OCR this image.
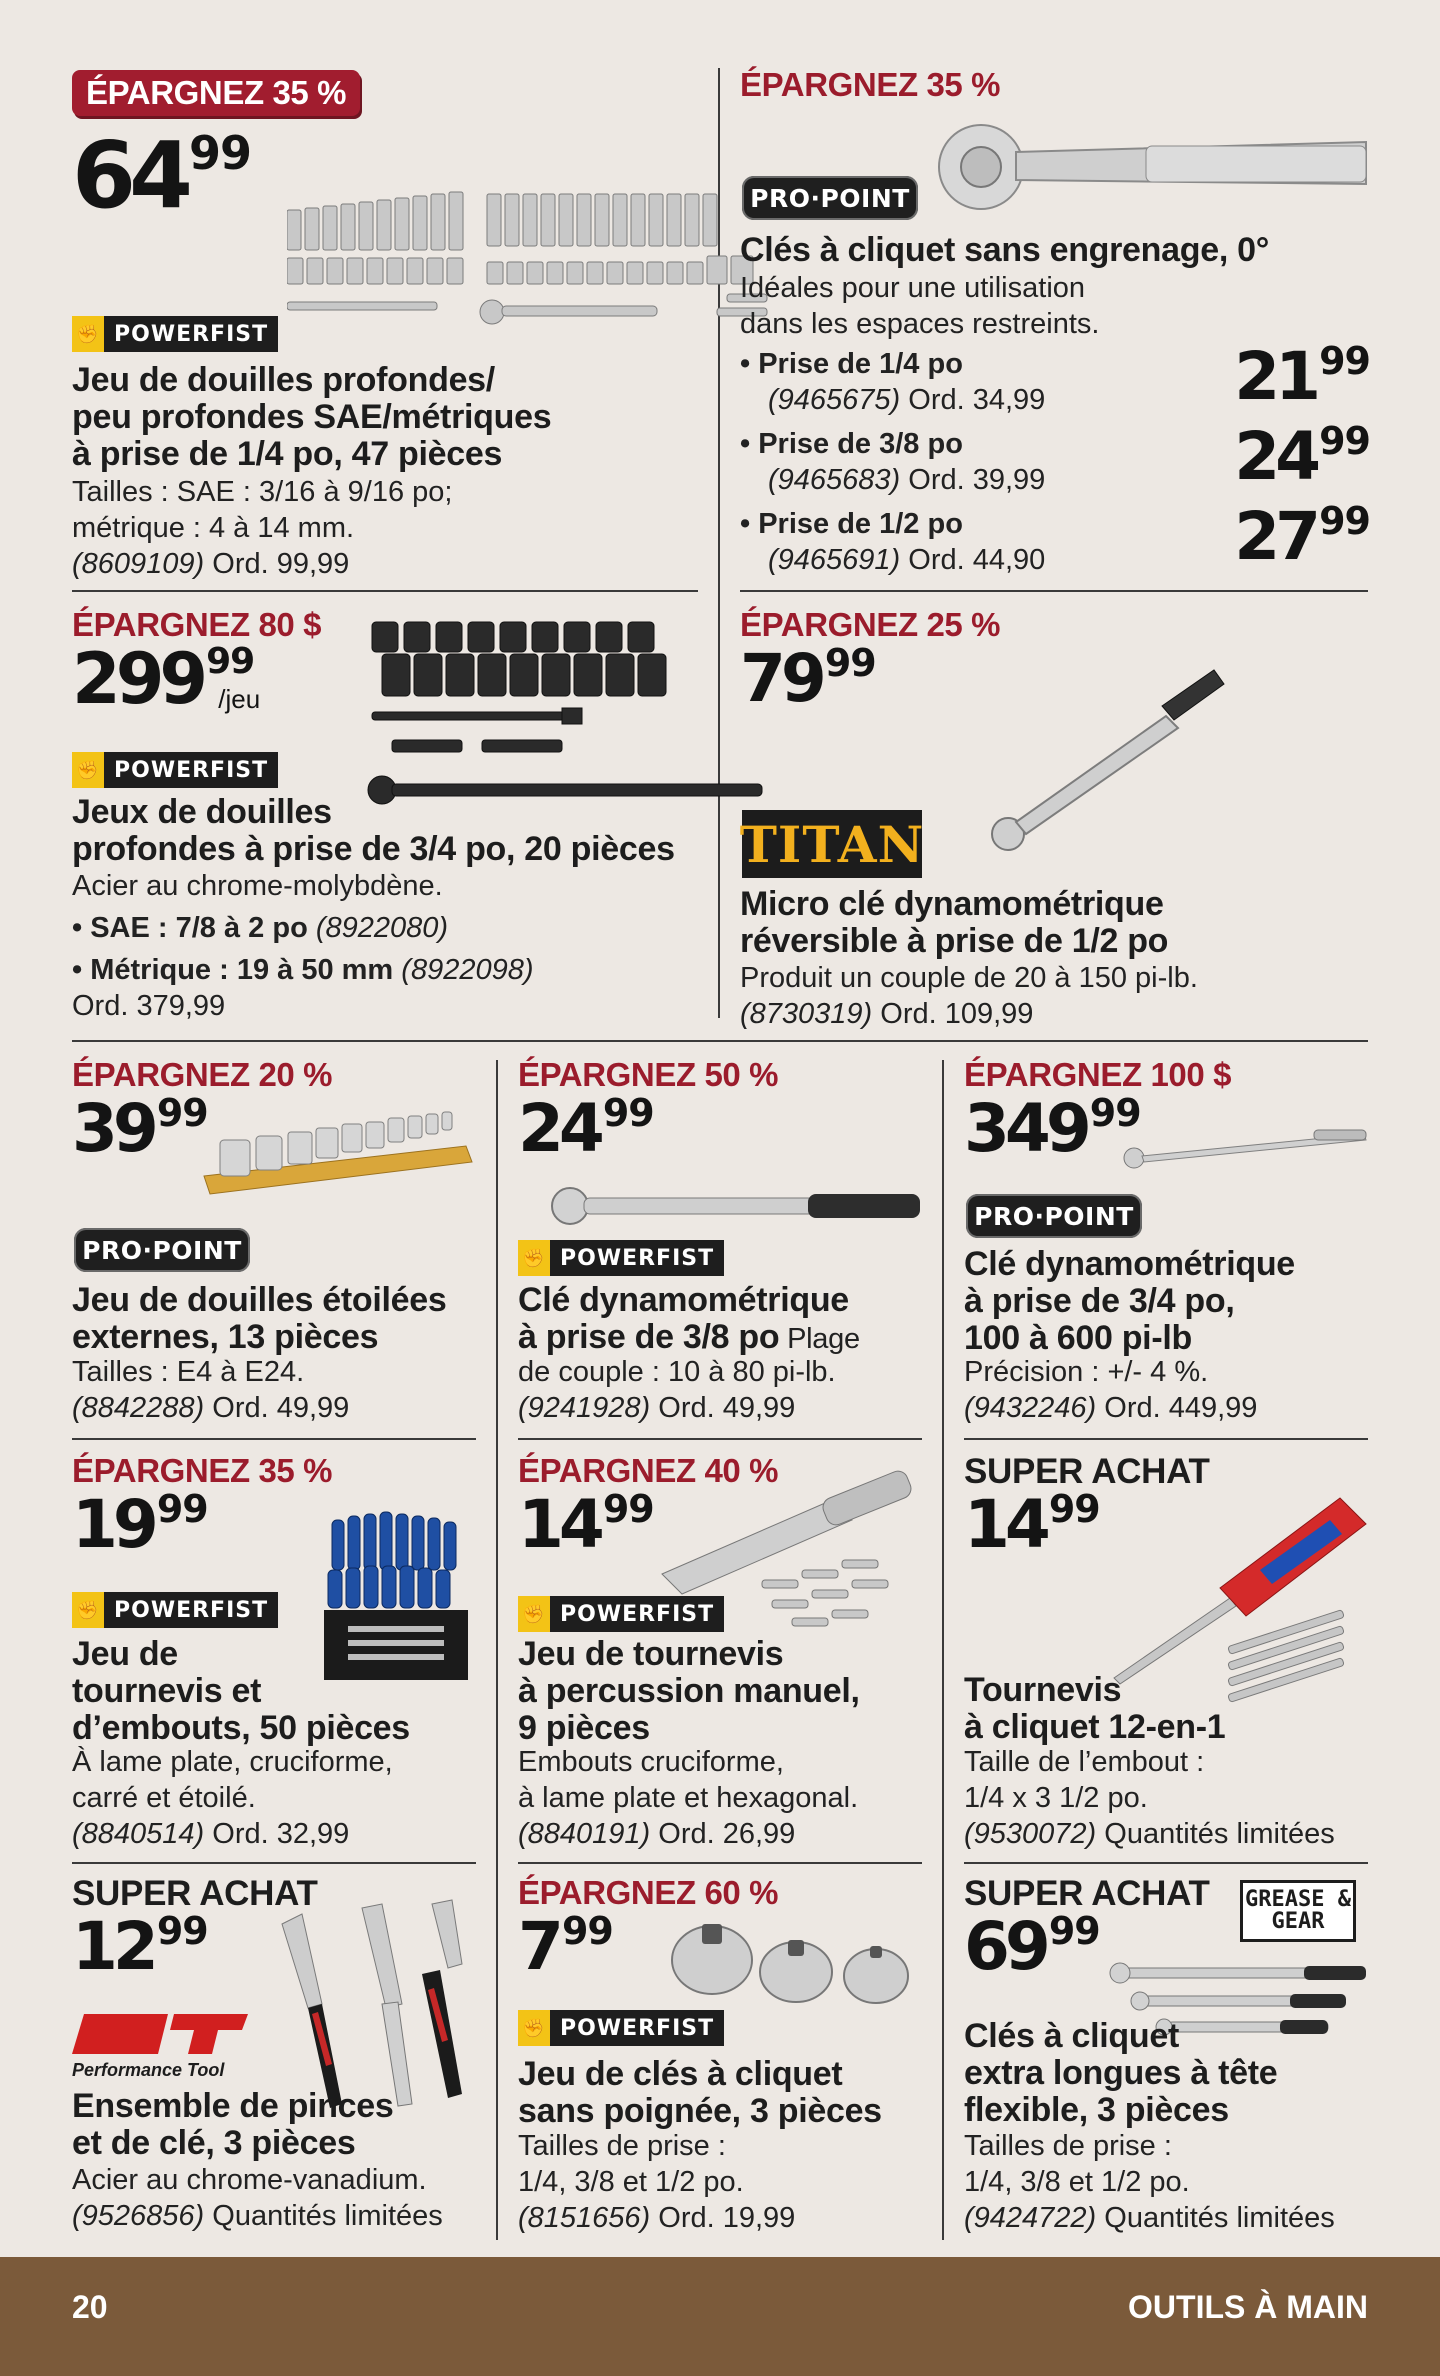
ÉPARGNEZ 35 %
64 99
✊ POWERFIST
Jeu de douilles profondes/
peu profondes SAE/métriques
à prise de 1/4 po, 47 pièces
Tailles : SAE : 3/16 à 9/16 po;
métrique : 4 à 14 mm.
(8609109) Ord. 99,99
ÉPARGNEZ 35 %
PRO·POINT
Clés à cliquet sans engrenage, 0°
Idéales pour une utilisation
dans les espaces restreints.
• Prise de 1/4 po
(9465675) Ord. 34,99	21 99
• Prise de 3/8 po
(9465683) Ord. 39,99	24 99
• Prise de 1/2 po
(9465691) Ord. 44,90	27 99
ÉPARGNEZ 80 $
299 99
/jeu
✊ POWERFIST
Jeux de douilles
profondes à prise de 3/4 po, 20 pièces
Acier au chrome-molybdène.
• SAE : 7/8 à 2 po (8922080)
• Métrique : 19 à 50 mm (8922098)
Ord. 379,99
ÉPARGNEZ 25 %
79 99
TITAN
Micro clé dynamométrique
réversible à prise de 1/2 po
Produit un couple de 20 à 150 pi-lb.
(8730319) Ord. 109,99
ÉPARGNEZ 20 %
39 99
PRO·POINT
Jeu de douilles étoilées
externes, 13 pièces
Tailles : E4 à E24.
(8842288) Ord. 49,99
ÉPARGNEZ 50 %
24 99
✊ POWERFIST
Clé dynamométrique
à prise de 3/8 po Plage
de couple : 10 à 80 pi-lb.
(9241928) Ord. 49,99
ÉPARGNEZ 100 $
349 99
PRO·POINT
Clé dynamométrique
à prise de 3/4 po,
100 à 600 pi-lb
Précision : +/- 4 %.
(9432246) Ord. 449,99
ÉPARGNEZ 35 %
19 99
✊ POWERFIST
Jeu de
tournevis et
d’embouts, 50 pièces
À lame plate, cruciforme,
carré et étoilé.
(8840514) Ord. 32,99
ÉPARGNEZ 40 %
14 99
✊ POWERFIST
Jeu de tournevis
à percussion manuel,
9 pièces
Embouts cruciforme,
à lame plate et hexagonal.
(8840191) Ord. 26,99
SUPER ACHAT
14 99
Tournevis
à cliquet 12-en-1
Taille de l’embout :
1/4 x 3 1/2 po.
(9530072) Quantités limitées
SUPER ACHAT
12 99
Performance Tool
Ensemble de pinces
et de clé, 3 pièces
Acier au chrome-vanadium.
(9526856) Quantités limitées
ÉPARGNEZ 60 %
7 99
✊ POWERFIST
Jeu de clés à cliquet
sans poignée, 3 pièces
Tailles de prise :
1/4, 3/8 et 1/2 po.
(8151656) Ord. 19,99
SUPER ACHAT
69 99
GREASE & GEAR
Clés à cliquet
extra longues à tête
flexible, 3 pièces
Tailles de prise :
1/4, 3/8 et 1/2 po.
(9424722) Quantités limitées
20	OUTILS À MAIN
